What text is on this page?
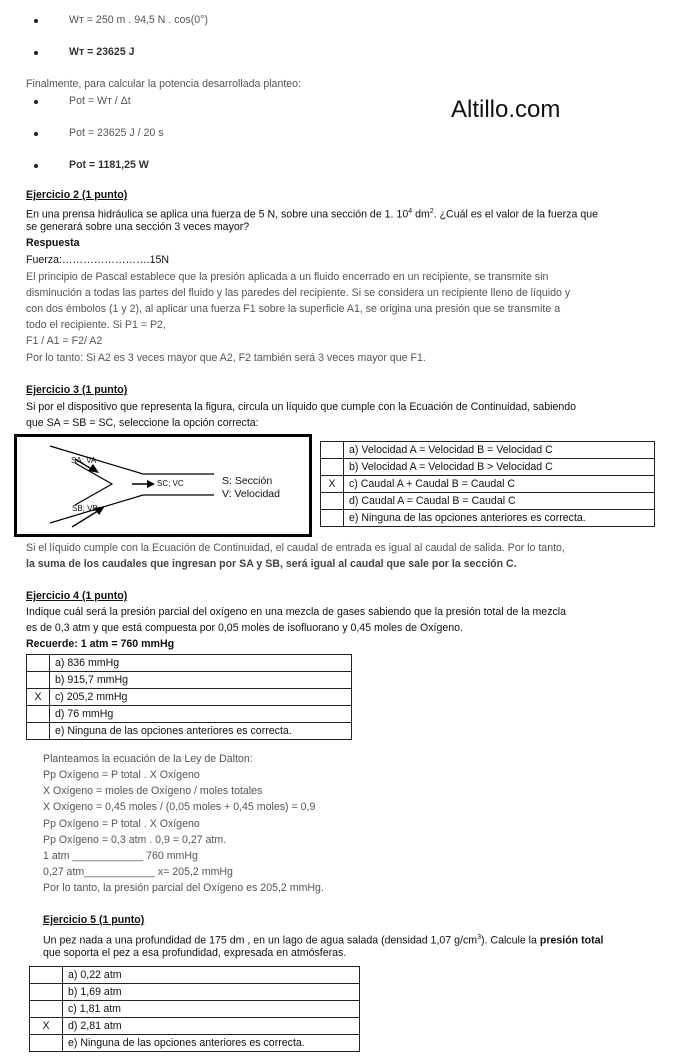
Altillo.com
Wᴛ = 250 m . 94,5 N . cos(0°)
Wᴛ = 23625 J
Finalmente, para calcular la potencia desarrollada planteo:
Pot = Wᴛ / Δt
Pot = 23625 J / 20 s
Pot = 1181,25 W
Ejercicio 2 (1 punto)
En una prensa hidráulica se aplica una fuerza de 5 N, sobre una sección de 1. $10^4$ $dm^2$. ¿Cuál es el valor de la fuerza que
se generará sobre una sección 3 veces mayor?
Respuesta
Fuerza:…………………….15N
El principio de Pascal establece que la presión aplicada a un fluido encerrado en un recipiente, se transmite sin
disminución a todas las partes del fluido y las paredes del recipiente. Si se considera un recipiente lleno de líquido y
con dos émbolos (1 y 2), al aplicar una fuerza F1 sobre la superficie A1, se origina una presión que se transmite a
todo el recipiente. Si P1 = P2,
F1 / A1 = F2/ A2
Por lo tanto: Si A2 es 3 veces mayor que A2, F2 también será 3 veces mayor que F1.
Ejercicio 3 (1 punto)
Si por el dispositivo que representa la figura, circula un líquido que cumple con la Ecuación de Continuidad, sabiendo
que SA = SB = SC, seleccione la opción correcta:
SA; VA
SB; VB
SC; VC	S: Sección
V: Velocidad
	a) Velocidad A = Velocidad B = Velocidad C
	b) Velocidad A = Velocidad B > Velocidad C
X	c) Caudal A + Caudal B = Caudal C
	d) Caudal A = Caudal B = Caudal C
	e) Ninguna de las opciones anteriores es correcta.
Si el líquido cumple con la Ecuación de Continuidad, el caudal de entrada es igual al caudal de salida. Por lo tanto,
la suma de los caudales que ingresan por SA y SB, será igual al caudal que sale por la sección C.
Ejercicio 4 (1 punto)
Indique cuál será la presión parcial del oxígeno en una mezcla de gases sabiendo que la presión total de la mezcla
es de 0,3 atm y que está compuesta por 0,05 moles de isofluorano y 0,45 moles de Oxígeno.
Recuerde: 1 atm = 760 mmHg
	a) 836 mmHg
	b) 915,7 mmHg
X	c) 205,2 mmHg
	d) 76 mmHg
	e) Ninguna de las opciones anteriores es correcta.
Planteamos la ecuación de la Ley de Dalton:
Pp Oxígeno = P total . X Oxígeno
X Oxígeno = moles de Oxígeno / moles totales
X Oxígeno = 0,45 moles / (0,05 moles + 0,45 moles) = 0,9
Pp Oxígeno = P total . X Oxígeno
Pp Oxígeno = 0,3 atm . 0,9 = 0,27 atm.
1 atm ____________ 760 mmHg
0,27 atm____________ x= 205,2 mmHg
Por lo tanto, la presión parcial del Oxígeno es 205,2 mmHg.
Ejercicio 5 (1 punto)
Un pez nada a una profundidad de 175 dm , en un lago de agua salada (densidad 1,07 $g/cm^3$). Calcule la presión total
que soporta el pez a esa profundidad, expresada en atmósferas.
	a) 0,22 atm
	b) 1,69 atm
	c) 1,81 atm
X	d) 2,81 atm
	e) Ninguna de las opciones anteriores es correcta.
